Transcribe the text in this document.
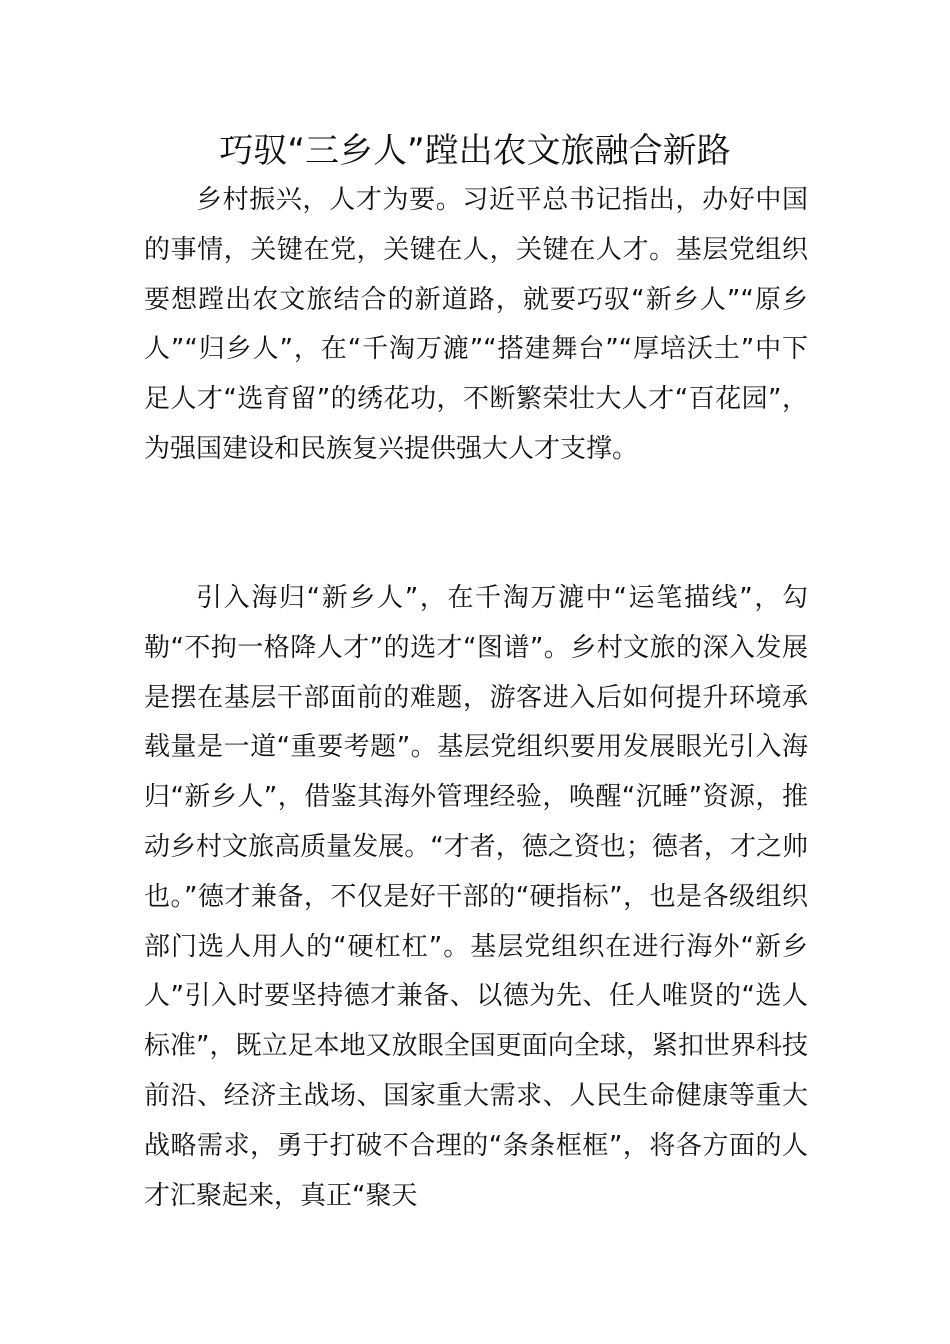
巧驭“三乡人”蹚出农文旅融合新路

乡村振兴，人才为要。习近平总书记指出，办好中国的事情，关键在党，关键在人，关键在人才。基层党组织要想蹚出农文旅结合的新道路，就要巧驭“新乡人”“原乡人”“归乡人”，在“千淘万漉”“搭建舞台”“厚培沃土”中下足人才“选育留”的绣花功，不断繁荣壮大人才“百花园”，为强国建设和民族复兴提供强大人才支撑。

引入海归“新乡人”，在千淘万漉中“运笔描线”，勾勒“不拘一格降人才”的选才“图谱”。乡村文旅的深入发展是摆在基层干部面前的难题，游客进入后如何提升环境承载量是一道“重要考题”。基层党组织要用发展眼光引入海归“新乡人”，借鉴其海外管理经验，唤醒“沉睡”资源，推动乡村文旅高质量发展。“才者，德之资也；德者，才之帅也。”德才兼备，不仅是好干部的“硬指标”，也是各级组织部门选人用人的“硬杠杠”。基层党组织在进行海外“新乡人”引入时要坚持德才兼备、以德为先、任人唯贤的“选人标准”，既立足本地又放眼全国更面向全球，紧扣世界科技前沿、经济主战场、国家重大需求、人民生命健康等重大战略需求，勇于打破不合理的“条条框框”，将各方面的人才汇聚起来，真正“聚天
